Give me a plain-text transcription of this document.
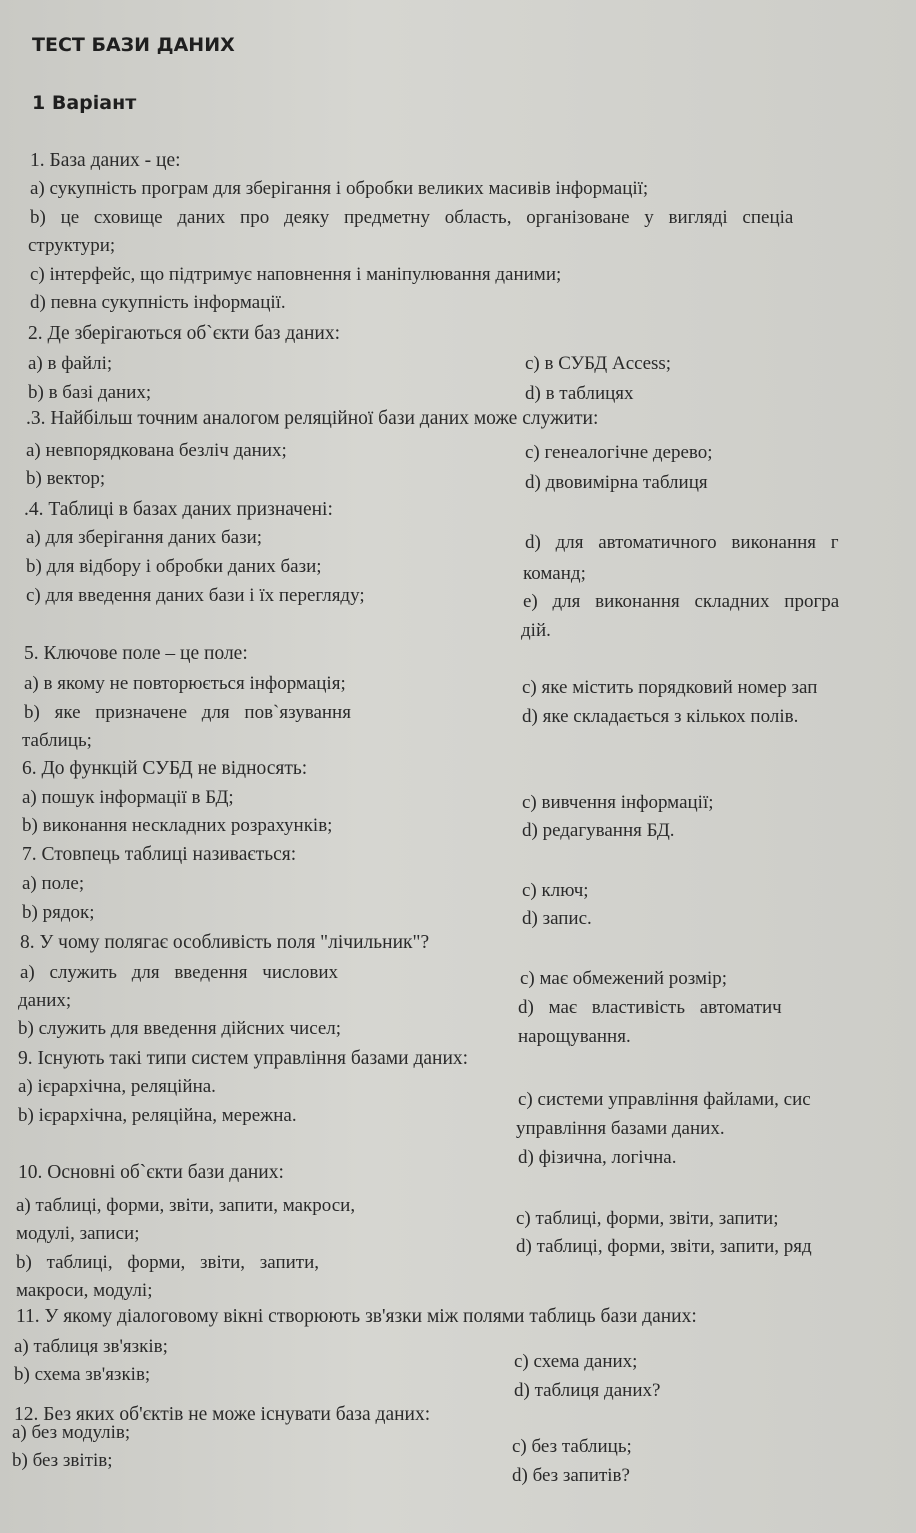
ТЕСТ БАЗИ ДАНИХ
1 Варіант
1. База даних - це:
a) сукупність програм для зберігання і обробки великих масивів інформації;
b) це сховище даних про деяку предметну область, організоване у вигляді спеціа
структури;
c) інтерфейс, що підтримує наповнення і маніпулювання даними;
d) певна сукупність інформації.
2. Де зберігаються об`єкти баз даних:
a) в файлі;
b) в базі даних;
c) в СУБД Access;
d) в таблицях
.3. Найбільш точним аналогом реляційної бази даних може служити:
a) невпорядкована безліч даних;
b) вектор;
c) генеалогічне дерево;
d) двовимірна таблиця
.4. Таблиці в базах даних призначені:
a) для зберігання даних бази;
b) для відбору і обробки даних бази;
c) для введення даних бази і їх перегляду;
d) для автоматичного виконання г
команд;
e) для виконання складних програ
дій.
5. Ключове поле – це поле:
a) в якому не повторюється інформація;
b) яке призначене для пов`язування
таблиць;
c) яке містить порядковий номер зап
d) яке складається з кількох полів.
6. До функцій СУБД не відносять:
a) пошук інформації в БД;
b) виконання нескладних розрахунків;
c) вивчення інформації;
d) редагування БД.
7. Стовпець таблиці називається:
a) поле;
b) рядок;
c) ключ;
d) запис.
8. У чому полягає особливість поля "лічильник"?
a) служить для введення числових
даних;
b) служить для введення дійсних чисел;
c) має обмежений розмір;
d) має властивість автоматич
нарощування.
9. Існують такі типи систем управління базами даних:
a) ієрархічна, реляційна.
b) ієрархічна, реляційна, мережна.
c) системи управління файлами, сис
управління базами даних.
d) фізична, логічна.
10. Основні об`єкти бази даних:
a) таблиці, форми, звіти, запити, макроси,
модулі, записи;
b) таблиці, форми, звіти, запити,
макроси, модулі;
c) таблиці, форми, звіти, запити;
d) таблиці, форми, звіти, запити, ряд
11. У якому діалоговому вікні створюють зв'язки між полями таблиць бази даних:
a) таблиця зв'язків;
b) схема зв'язків;
c) схема даних;
d) таблиця даних?
12. Без яких об'єктів не може існувати база даних:
a) без модулів;
b) без звітів;
c) без таблиць;
d) без запитів?
